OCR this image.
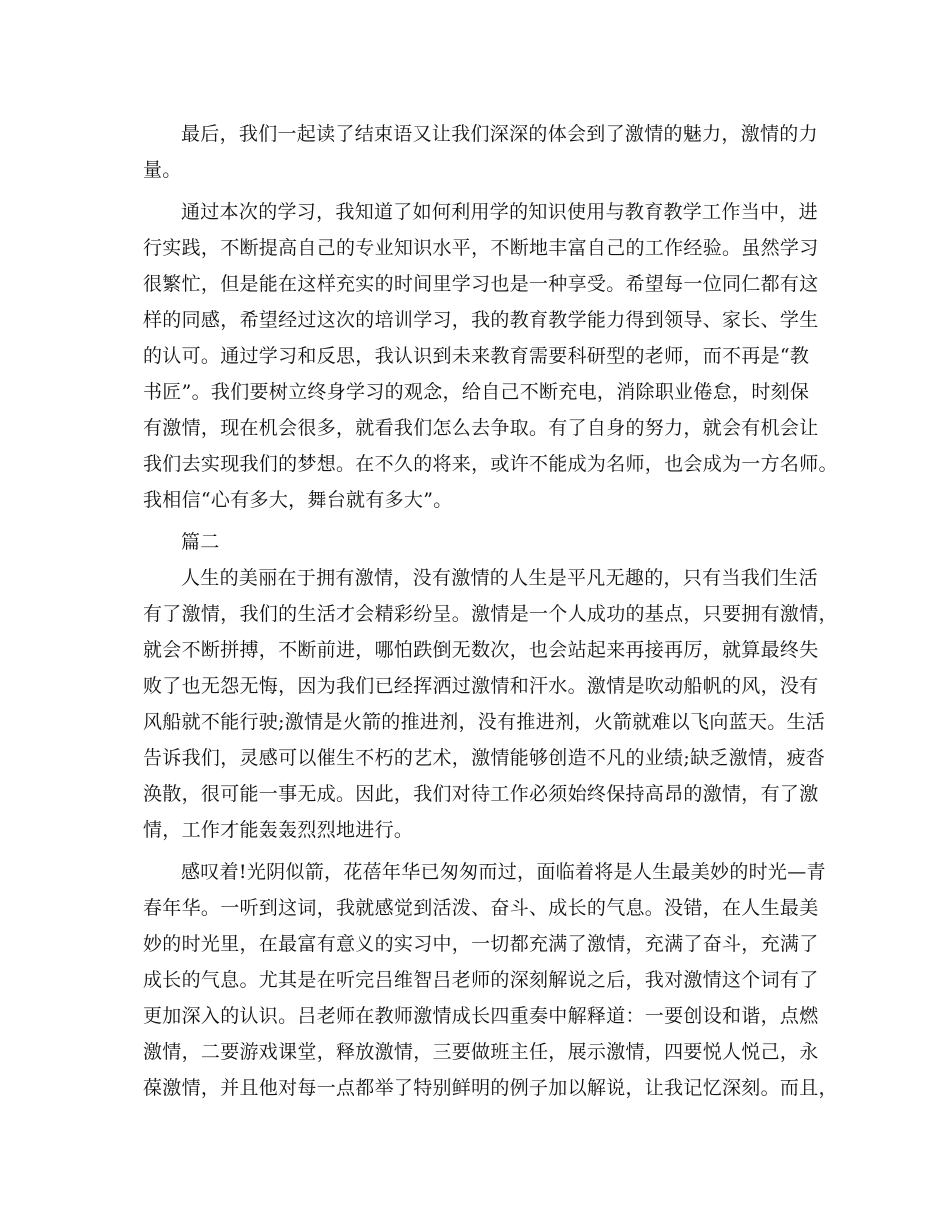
最后，我们一起读了结束语又让我们深深的体会到了激情的魅力，激情的力
量。
通过本次的学习，我知道了如何利用学的知识使用与教育教学工作当中，进
行实践，不断提高自己的专业知识水平，不断地丰富自己的工作经验。虽然学习
很繁忙，但是能在这样充实的时间里学习也是一种享受。希望每一位同仁都有这
样的同感，希望经过这次的培训学习，我的教育教学能力得到领导、家长、学生
的认可。通过学习和反思，我认识到未来教育需要科研型的老师，而不再是“教
书匠”。我们要树立终身学习的观念，给自己不断充电，消除职业倦怠，时刻保
有激情，现在机会很多，就看我们怎么去争取。有了自身的努力，就会有机会让
我们去实现我们的梦想。在不久的将来，或许不能成为名师，也会成为一方名师。
我相信“心有多大，舞台就有多大”。
篇二
人生的美丽在于拥有激情，没有激情的人生是平凡无趣的，只有当我们生活
有了激情，我们的生活才会精彩纷呈。激情是一个人成功的基点，只要拥有激情，
就会不断拼搏，不断前进，哪怕跌倒无数次，也会站起来再接再厉，就算最终失
败了也无怨无悔，因为我们已经挥洒过激情和汗水。激情是吹动船帆的风，没有
风船就不能行驶;激情是火箭的推进剂，没有推进剂，火箭就难以飞向蓝天。生活
告诉我们，灵感可以催生不朽的艺术，激情能够创造不凡的业绩;缺乏激情，疲沓
涣散，很可能一事无成。因此，我们对待工作必须始终保持高昂的激情，有了激
情，工作才能轰轰烈烈地进行。
感叹着!光阴似箭，花蓓年华已匆匆而过，面临着将是人生最美妙的时光—青
春年华。一听到这词，我就感觉到活泼、奋斗、成长的气息。没错，在人生最美
妙的时光里，在最富有意义的实习中，一切都充满了激情，充满了奋斗，充满了
成长的气息。尤其是在听完吕维智吕老师的深刻解说之后，我对激情这个词有了
更加深入的认识。吕老师在教师激情成长四重奏中解释道：一要创设和谐，点燃
激情，二要游戏课堂，释放激情，三要做班主任，展示激情，四要悦人悦己，永
葆激情，并且他对每一点都举了特别鲜明的例子加以解说，让我记忆深刻。而且，
